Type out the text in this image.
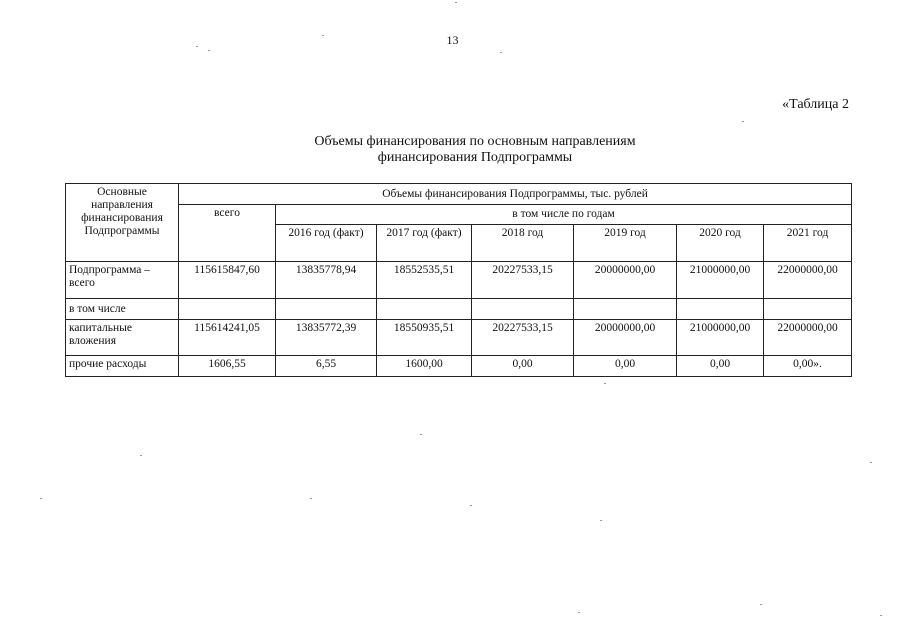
13
«Таблица 2
Объемы финансирования по основным направлениям
финансирования Подпрограммы
Основные направления финансирования Подпрограммы	Объемы финансирования Подпрограммы, тыс. рублей						
	всего	в том числе по годам					
		2016 год (факт)	2017 год (факт)	2018 год	2019 год	2020 год	2021 год
Подпрограмма – всего	115615847,60	13835778,94	18552535,51	20227533,15	20000000,00	21000000,00	22000000,00
в том числе							
капитальные вложения	115614241,05	13835772,39	18550935,51	20227533,15	20000000,00	21000000,00	22000000,00
прочие расходы	1606,55	6,55	1600,00	0,00	0,00	0,00	0,00».
